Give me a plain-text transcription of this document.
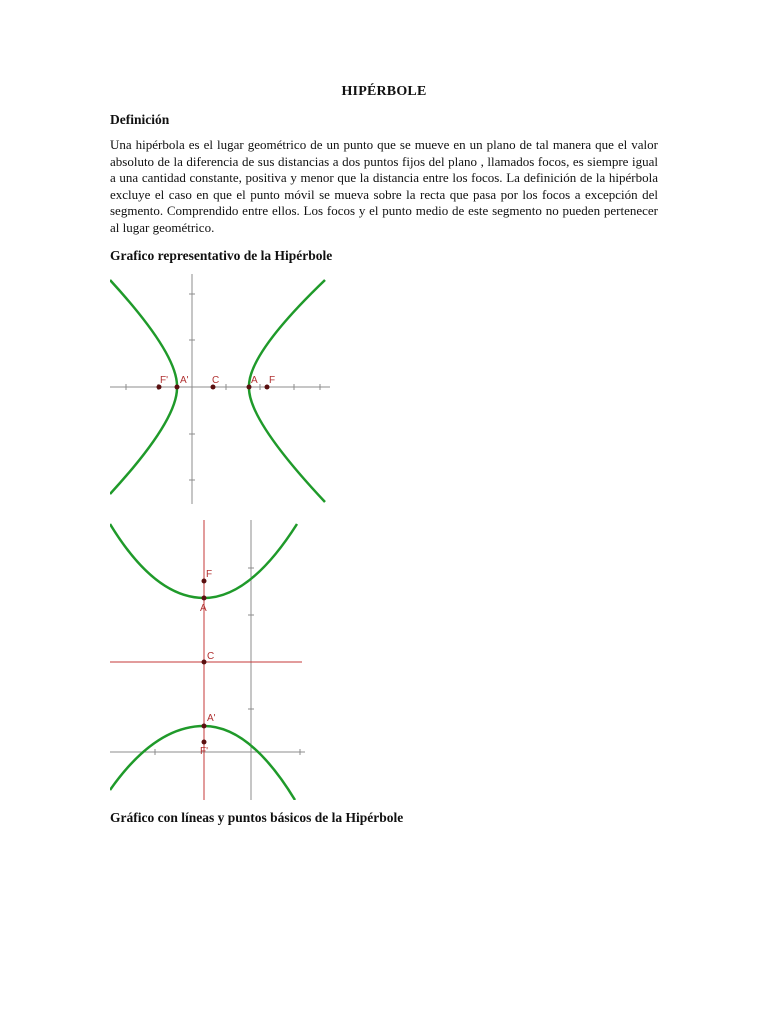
HIPÉRBOLE
Definición
Una hipérbola es el lugar geométrico de un punto que se mueve en un plano de tal manera que el valor absoluto de la diferencia de sus distancias a dos puntos fijos del plano , llamados focos, es siempre igual a una cantidad constante, positiva y menor que la distancia entre los focos. La definición de la hipérbola excluye el caso en que el punto móvil se mueva sobre la recta que pasa por los focos a excepción del segmento. Comprendido entre ellos. Los focos y el punto medio de este segmento no pueden pertenecer al lugar geométrico.
Grafico representativo de la Hipérbole
F' A' C	A F
F
A
C
A'
F'
Gráfico con líneas y puntos básicos de la Hipérbole
